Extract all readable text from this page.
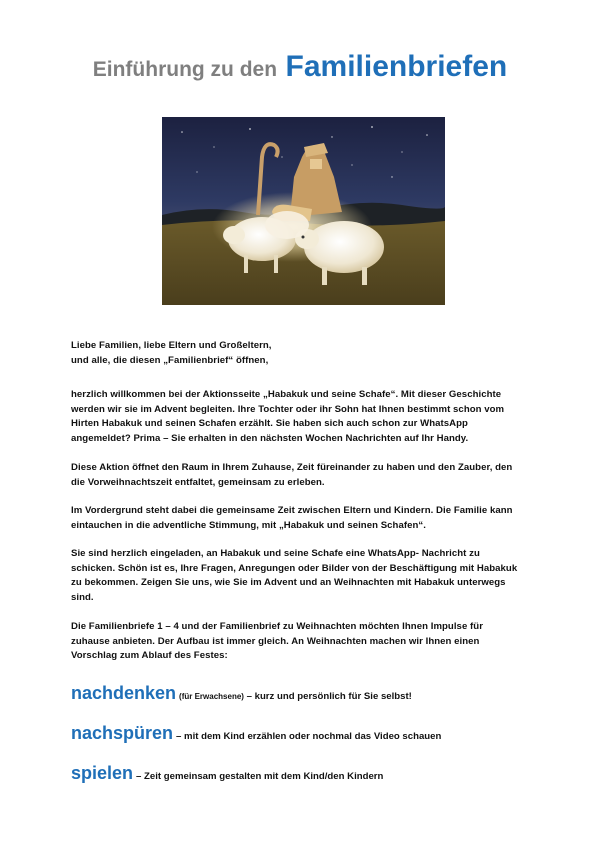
Einführung zu den Familienbriefen
Liebe Familien, liebe Eltern und Großeltern,
und alle, die diesen „Familienbrief“ öffnen,
herzlich willkommen bei der Aktionsseite „Habakuk und seine Schafe“. Mit dieser Geschichte
werden wir sie im Advent begleiten. Ihre Tochter oder ihr Sohn hat Ihnen bestimmt schon vom
Hirten Habakuk und seinen Schafen erzählt. Sie haben sich auch schon zur WhatsApp
angemeldet? Prima – Sie erhalten in den nächsten Wochen Nachrichten auf Ihr Handy.
Diese Aktion öffnet den Raum in Ihrem Zuhause, Zeit füreinander zu haben und den Zauber, den
die Vorweihnachtszeit entfaltet, gemeinsam zu erleben.
Im Vordergrund steht dabei die gemeinsame Zeit zwischen Eltern und Kindern. Die Familie kann
eintauchen in die adventliche Stimmung, mit „Habakuk und seinen Schafen“.
Sie sind herzlich eingeladen, an Habakuk und seine Schafe eine WhatsApp- Nachricht zu
schicken. Schön ist es, Ihre Fragen, Anregungen oder Bilder von der Beschäftigung mit Habakuk
zu bekommen. Zeigen Sie uns, wie Sie im Advent und an Weihnachten mit Habakuk unterwegs
sind.
Die Familienbriefe 1 – 4 und der Familienbrief zu Weihnachten möchten Ihnen Impulse für
zuhause anbieten. Der Aufbau ist immer gleich. An Weihnachten machen wir Ihnen einen
Vorschlag zum Ablauf des Festes:
nachdenken (für Erwachsene) – kurz und persönlich für Sie selbst!
nachspüren – mit dem Kind erzählen oder nochmal das Video schauen
spielen – Zeit gemeinsam gestalten mit dem Kind/den Kindern
